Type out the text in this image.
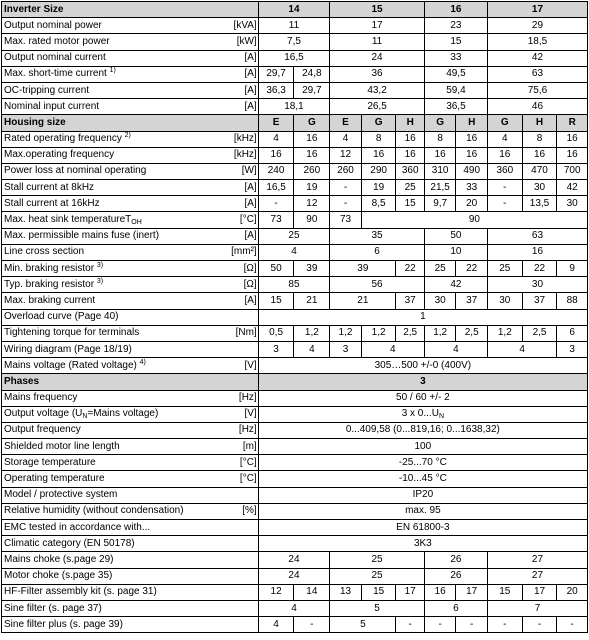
Inverter Size		14		15			16		17		
Output nominal power	[kVA]	11		17			23		29		
Max. rated motor power	[kW]	7,5		11			15		18,5		
Output nominal current	[A]	16,5		24			33		42		
Max. short-time current $^{1)}$	[A]	29,7	24,8	36			49,5		63		
OC-tripping current	[A]	36,3	29,7	43,2			59,4		75,6		
Nominal input current	[A]	18,1		26,5			36,5		46		
Housing size		E	G	E	G	H	G	H	G	H	R
Rated operating frequency $^{2)}$	[kHz]	4	16	4	8	16	8	16	4	8	16
Max.operating frequency	[kHz]	16	16	12	16	16	16	16	16	16	16
Power loss at nominal operating	[W]	240	260	260	290	360	310	490	360	470	700
Stall current at 8kHz	[A]	16,5	19	-	19	25	21,5	33	-	30	42
Stall current at 16kHz	[A]	-	12	-	8,5	15	9,7	20	-	13,5	30
Max. heat sink temperatureT$_{OH}$	[°C]	73	90	73	90						
Max. permissible mains fuse (inert)	[A]	25		35			50		63		
Line cross section	[mm²]	4		6			10		16		
Min. braking resistor $^{3)}$	[Ω]	50	39	39		22	25	22	25	22	9
Typ. braking resistor $^{3)}$	[Ω]	85		56			42		30		
Max. braking current	[A]	15	21	21		37	30	37	30	37	88
Overload curve (Page 40)		1									
Tightening torque for terminals	[Nm]	0,5	1,2	1,2	1,2	2,5	1,2	2,5	1,2	2,5	6
Wiring diagram (Page 18/19)		3	4	3	4		4		4		3
Mains voltage (Rated voltage) $^{4)}$	[V]	305…500 +/-0 (400V)									
Phases		3									
Mains frequency	[Hz]	50 / 60 +/- 2									
Output voltage ($U_N=Mains$ voltage)	[V]	3 x $0...U_N$
Output frequency	[Hz]	0...409,58 (0...819,16; 0...1638,32)									
Shielded motor line length	[m]	100									
Storage temperature	[°C]	-25...70 °C									
Operating temperature	[°C]	-10...45 °C									
Model / protective system		IP20									
Relative humidity (without condensation)	[%]	max. 95									
EMC tested in accordance with...		EN 61800-3									
Climatic category (EN 50178)		3K3									
Mains choke (s.page 29)		24		25			26		27		
Motor choke (s.page 35)		24		25			26		27		
HF-Filter assembly kit (s. page 31)		12	14	13	15	17	16	17	15	17	20
Sine filter (s. page 37)		4		5			6		7		
Sine filter plus (s. page 39)		4	-	5		-	-	-	-	-	-
